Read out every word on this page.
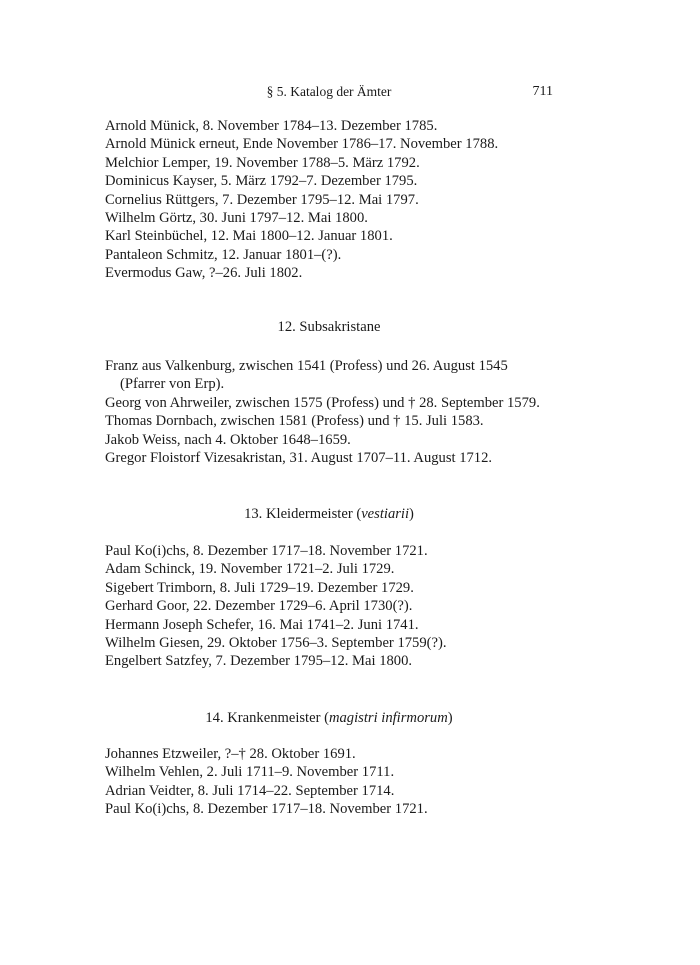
§ 5. Katalog der Ämter	711
Arnold Münick, 8. November 1784–13. Dezember 1785.
Arnold Münick erneut, Ende November 1786–17. November 1788.
Melchior Lemper, 19. November 1788–5. März 1792.
Dominicus Kayser, 5. März 1792–7. Dezember 1795.
Cornelius Rüttgers, 7. Dezember 1795–12. Mai 1797.
Wilhelm Görtz, 30. Juni 1797–12. Mai 1800.
Karl Steinbüchel, 12. Mai 1800–12. Januar 1801.
Pantaleon Schmitz, 12. Januar 1801–(?).
Evermodus Gaw, ?–26. Juli 1802.
12. Subsakristane
Franz aus Valkenburg, zwischen 1541 (Profess) und 26. August 1545 (Pfarrer von Erp).
Georg von Ahrweiler, zwischen 1575 (Profess) und † 28. September 1579.
Thomas Dornbach, zwischen 1581 (Profess) und † 15. Juli 1583.
Jakob Weiss, nach 4. Oktober 1648–1659.
Gregor Floistorf Vizesakristan, 31. August 1707–11. August 1712.
13. Kleidermeister (vestiarii)
Paul Ko(i)chs, 8. Dezember 1717–18. November 1721.
Adam Schinck, 19. November 1721–2. Juli 1729.
Sigebert Trimborn, 8. Juli 1729–19. Dezember 1729.
Gerhard Goor, 22. Dezember 1729–6. April 1730(?).
Hermann Joseph Schefer, 16. Mai 1741–2. Juni 1741.
Wilhelm Giesen, 29. Oktober 1756–3. September 1759(?).
Engelbert Satzfey, 7. Dezember 1795–12. Mai 1800.
14. Krankenmeister (magistri infirmorum)
Johannes Etzweiler, ?–† 28. Oktober 1691.
Wilhelm Vehlen, 2. Juli 1711–9. November 1711.
Adrian Veidter, 8. Juli 1714–22. September 1714.
Paul Ko(i)chs, 8. Dezember 1717–18. November 1721.
